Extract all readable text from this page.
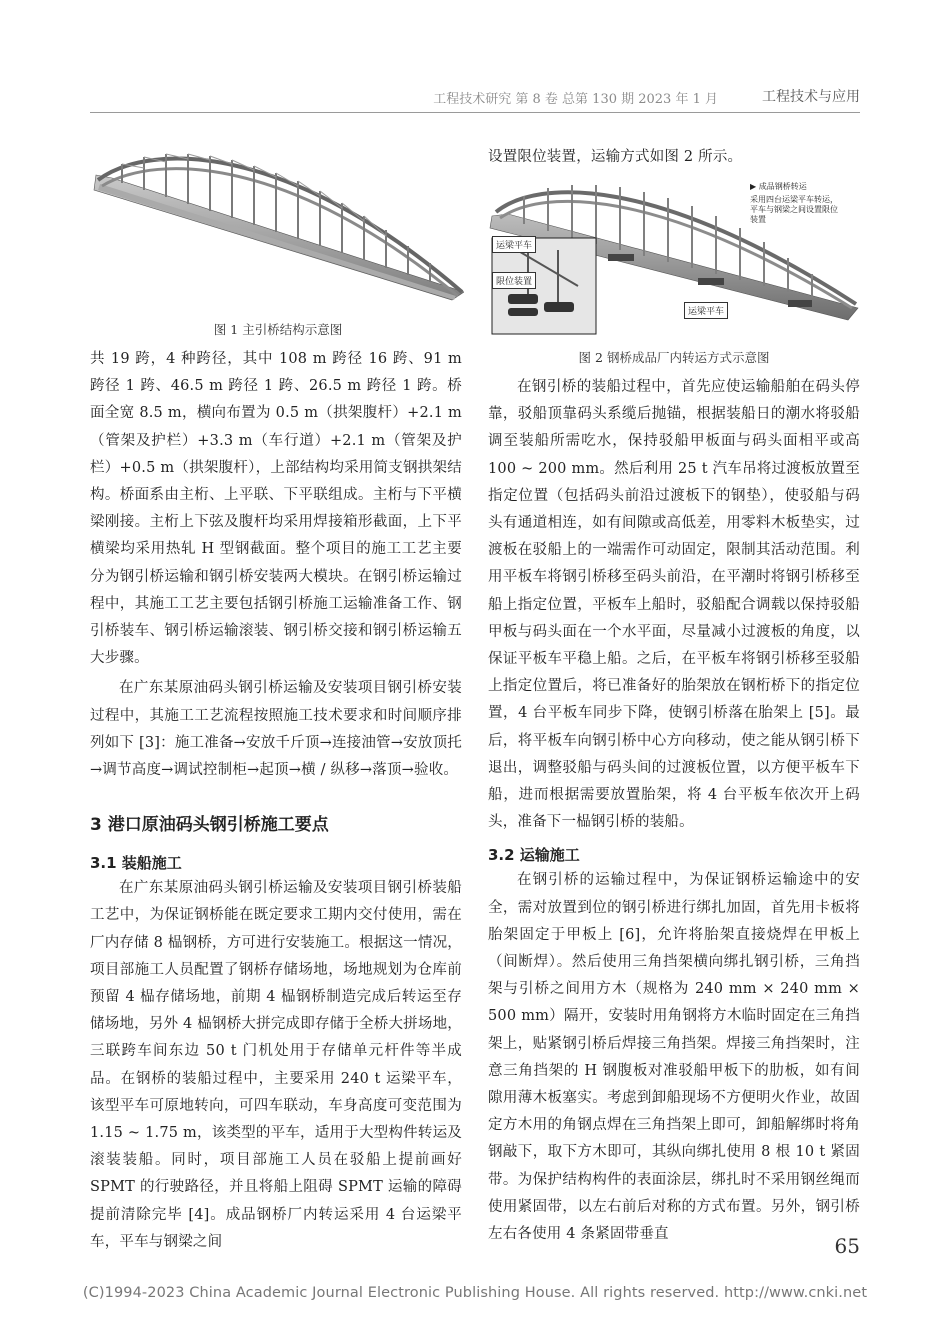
工程技术研究 第 8 卷 总第 130 期 2023 年 1 月	工程技术与应用
图 1 主引桥结构示意图

共 19 跨，4 种跨径，其中 108 m 跨径 16 跨、91 m 跨径 1 跨、46.5 m 跨径 1 跨、26.5 m 跨径 1 跨。桥面全宽 8.5 m，横向布置为 0.5 m（拱架腹杆）+2.1 m（管架及护栏）+3.3 m（车行道）+2.1 m（管架及护栏）+0.5 m（拱架腹杆），上部结构均采用简支钢拱架结构。桥面系由主桁、上平联、下平联组成。主桁与下平横梁刚接。主桁上下弦及腹杆均采用焊接箱形截面，上下平横梁均采用热轧 H 型钢截面。整个项目的施工工艺主要分为钢引桥运输和钢引桥安装两大模块。在钢引桥运输过程中，其施工工艺主要包括钢引桥施工运输准备工作、钢引桥装车、钢引桥运输滚装、钢引桥交接和钢引桥运输五大步骤。

在广东某原油码头钢引桥运输及安装项目钢引桥安装过程中，其施工工艺流程按照施工技术要求和时间顺序排列如下 [3]：施工准备→安放千斤顶→连接油管→安放顶托→调节高度→调试控制柜→起顶→横 / 纵移→落顶→验收。

3 港口原油码头钢引桥施工要点
3.1 装船施工

在广东某原油码头钢引桥运输及安装项目钢引桥装船工艺中，为保证钢桥能在既定要求工期内交付使用，需在厂内存储 8 榀钢桥，方可进行安装施工。根据这一情况，项目部施工人员配置了钢桥存储场地，场地规划为仓库前预留 4 榀存储场地，前期 4 榀钢桥制造完成后转运至存储场地，另外 4 榀钢桥大拼完成即存储于全桥大拼场地，三联跨车间东边 50 t 门机处用于存储单元杆件等半成品。在钢桥的装船过程中，主要采用 240 t 运梁平车，该型平车可原地转向，可四车联动，车身高度可变范围为 1.15 ~ 1.75 m，该类型的平车，适用于大型构件转运及滚装装船。同时，项目部施工人员在驳船上提前画好 SPMT 的行驶路径，并且将船上阻碍 SPMT 运输的障碍提前清除完毕 [4]。成品钢桥厂内转运采用 4 台运梁平车，平车与钢梁之间

设置限位装置，运输方式如图 2 所示。

运梁平车
限位装置
运梁平车
▶ 成品钢桥转运
采用四台运梁平车转运，
平车与钢梁之间设置限位
装置
图 2 钢桥成品厂内转运方式示意图

在钢引桥的装船过程中，首先应使运输船舶在码头停靠，驳船顶靠码头系缆后抛锚，根据装船日的潮水将驳船调至装船所需吃水，保持驳船甲板面与码头面相平或高 100 ~ 200 mm。然后利用 25 t 汽车吊将过渡板放置至指定位置（包括码头前沿过渡板下的钢垫），使驳船与码头有通道相连，如有间隙或高低差，用零料木板垫实，过渡板在驳船上的一端需作可动固定，限制其活动范围。利用平板车将钢引桥移至码头前沿，在平潮时将钢引桥移至船上指定位置，平板车上船时，驳船配合调载以保持驳船甲板与码头面在一个水平面，尽量减小过渡板的角度，以保证平板车平稳上船。之后，在平板车将钢引桥移至驳船上指定位置后，将已准备好的胎架放在钢桁桥下的指定位置，4 台平板车同步下降，使钢引桥落在胎架上 [5]。最后，将平板车向钢引桥中心方向移动，使之能从钢引桥下退出，调整驳船与码头间的过渡板位置，以方便平板车下船，进而根据需要放置胎架，将 4 台平板车依次开上码头，准备下一榀钢引桥的装船。

3.2 运输施工

在钢引桥的运输过程中，为保证钢桥运输途中的安全，需对放置到位的钢引桥进行绑扎加固，首先用卡板将胎架固定于甲板上 [6]，允许将胎架直接烧焊在甲板上（间断焊）。然后使用三角挡架横向绑扎钢引桥，三角挡架与引桥之间用方木（规格为 240 mm × 240 mm × 500 mm）隔开，安装时用角钢将方木临时固定在三角挡架上，贴紧钢引桥后焊接三角挡架。焊接三角挡架时，注意三角挡架的 H 钢腹板对准驳船甲板下的肋板，如有间隙用薄木板塞实。考虑到卸船现场不方便明火作业，故固定方木用的角钢点焊在三角挡架上即可，卸船解绑时将角钢敲下，取下方木即可，其纵向绑扎使用 8 根 10 t 紧固带。为保护结构构件的表面涂层，绑扎时不采用钢丝绳而使用紧固带，以左右前后对称的方式布置。另外，钢引桥左右各使用 4 条紧固带垂直	65
(C)1994-2023 China Academic Journal Electronic Publishing House. All rights reserved. http://www.cnki.net
